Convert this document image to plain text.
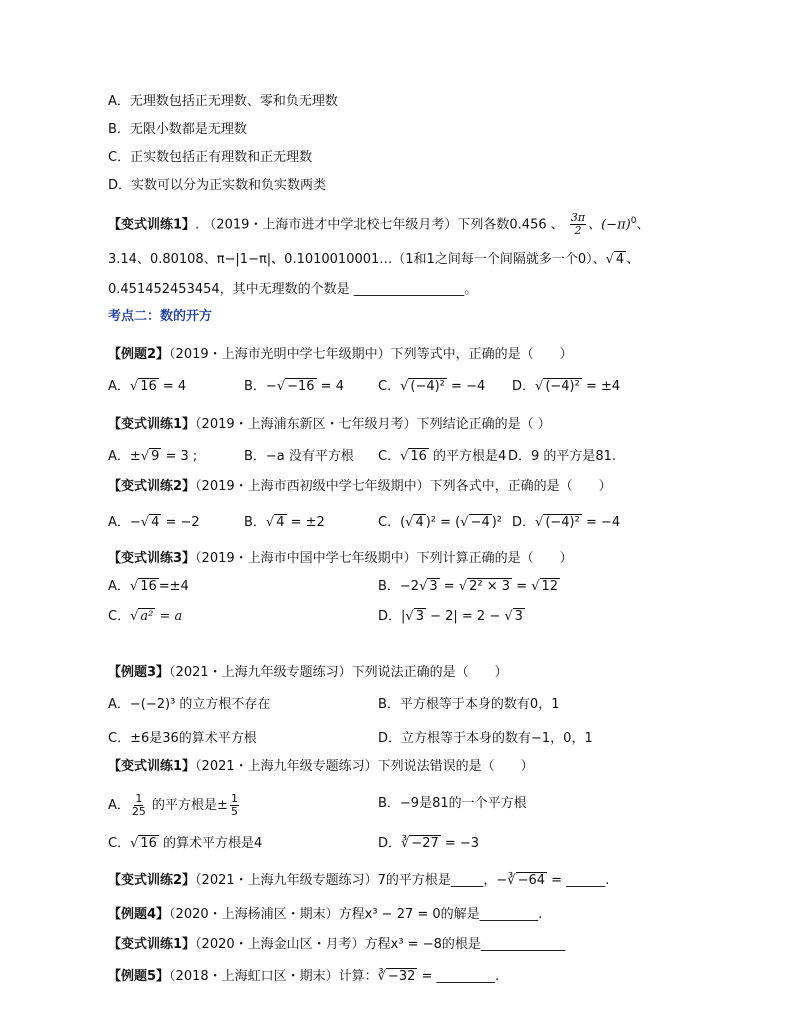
A．无理数包括正无理数、零和负无理数
B．无限小数都是无理数
C．正实数包括正有理数和正无理数
D．实数可以分为正实数和负实数两类
【变式训练1】. （2019・上海市进才中学北校七年级月考）下列各数0.456 、 $\frac{3\pi}{2}$ 、$(-\pi)^0$、
3.14、0.80108、π−|1−π|、0.1010010001…（1和1之间每一个间隔就多一个0）、√ 4 、
0.451452453454，其中无理数的个数是 _________________。
考点二：数的开方
【例题2】（2019・上海市光明中学七年级期中）下列等式中，正确的是（　　）
A．√ 16 = 4	B．−√ −16 = 4	C．√ (−4)² = −4 D．√ (−4)² = ±4
【变式训练1】（2019・上海浦东新区・七年级月考）下列结论正确的是（ ）
A．±√ 9 = 3 ;	B．−a 没有平方根 C．√ 16 的平方根是4 D．9 的平方是81.
【变式训练2】（2019・上海市西初级中学七年级期中）下列各式中，正确的是（　　）
A．−√ 4 = −2	B．√ 4 = ±2	C．(√ 4 )² = (√ −4 )² D．√ (−4)² = −4
【变式训练3】（2019・上海市中国中学七年级期中）下列计算正确的是（　　）
A．√ 16 =±4	B．−2√ 3 = √ 2² × 3 = √ 12
C．√ a² = a	D．|√ 3 − 2| = 2 − √ 3
【例题3】（2021・上海九年级专题练习）下列说法正确的是（　　）
A．−(−2)³ 的立方根不存在	B．平方根等于本身的数有0，1
C．±6是36的算术平方根	D．立方根等于本身的数有−1，0，1
【变式训练1】（2021・上海九年级专题练习）下列说法错误的是（　　）
A． $\frac{1}{25}$ 的平方根是± $\frac{1}{5}$	B．−9是81的一个平方根
C．√ 16 的算术平方根是4	D．∛ −27 = −3
【变式训练2】（2021・上海九年级专题练习）7的平方根是_____，−∛ −64 = ______.
【例题4】（2020・上海杨浦区・期末）方程x³ − 27 = 0的解是_________.
【变式训练1】（2020・上海金山区・月考）方程x³ = −8的根是_____________
【例题5】（2018・上海虹口区・期末）计算：∛ −32 = _________.
